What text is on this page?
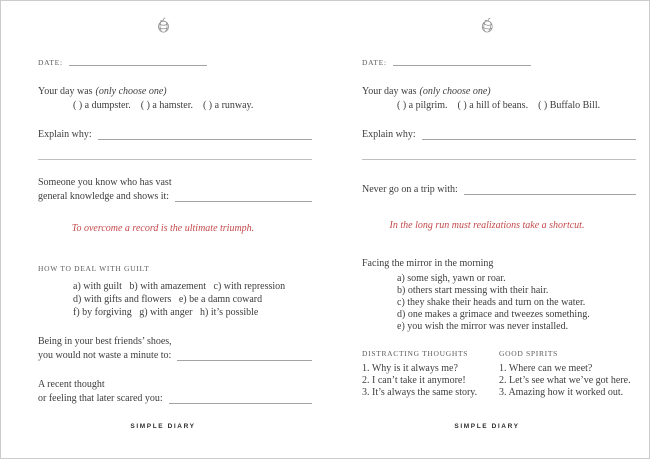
DATE:
Your day was (only choose one)
( ) a dumpster.  ( ) a hamster.  ( ) a runway.
Explain why:
Someone you know who has vast
general knowledge and shows it:
To overcome a record is the ultimate triumph.
HOW TO DEAL WITH GUILT
a) with guilt  b) with amazement  c) with repression
d) with gifts and flowers  e) be a damn coward
f) by forgiving  g) with anger  h) it’s possible
Being in your best friends’ shoes,
you would not waste a minute to:
A recent thought
or feeling that later scared you:
SIMPLE DIARY
DATE:
Your day was (only choose one)
( ) a pilgrim.  ( ) a hill of beans.  ( ) Buffalo Bill.
Explain why:
Never go on a trip with:
In the long run must realizations take a shortcut.
Facing the mirror in the morning
a) some sigh, yawn or roar.
b) others start messing with their hair.
c) they shake their heads and turn on the water.
d) one makes a grimace and tweezes something.
e) you wish the mirror was never installed.
DISTRACTING THOUGHTS
1. Why is it always me?
2. I can’t take it anymore!
3. It’s always the same story.
GOOD SPIRITS
1. Where can we meet?
2. Let’s see what we’ve got here.
3. Amazing how it worked out.
SIMPLE DIARY
